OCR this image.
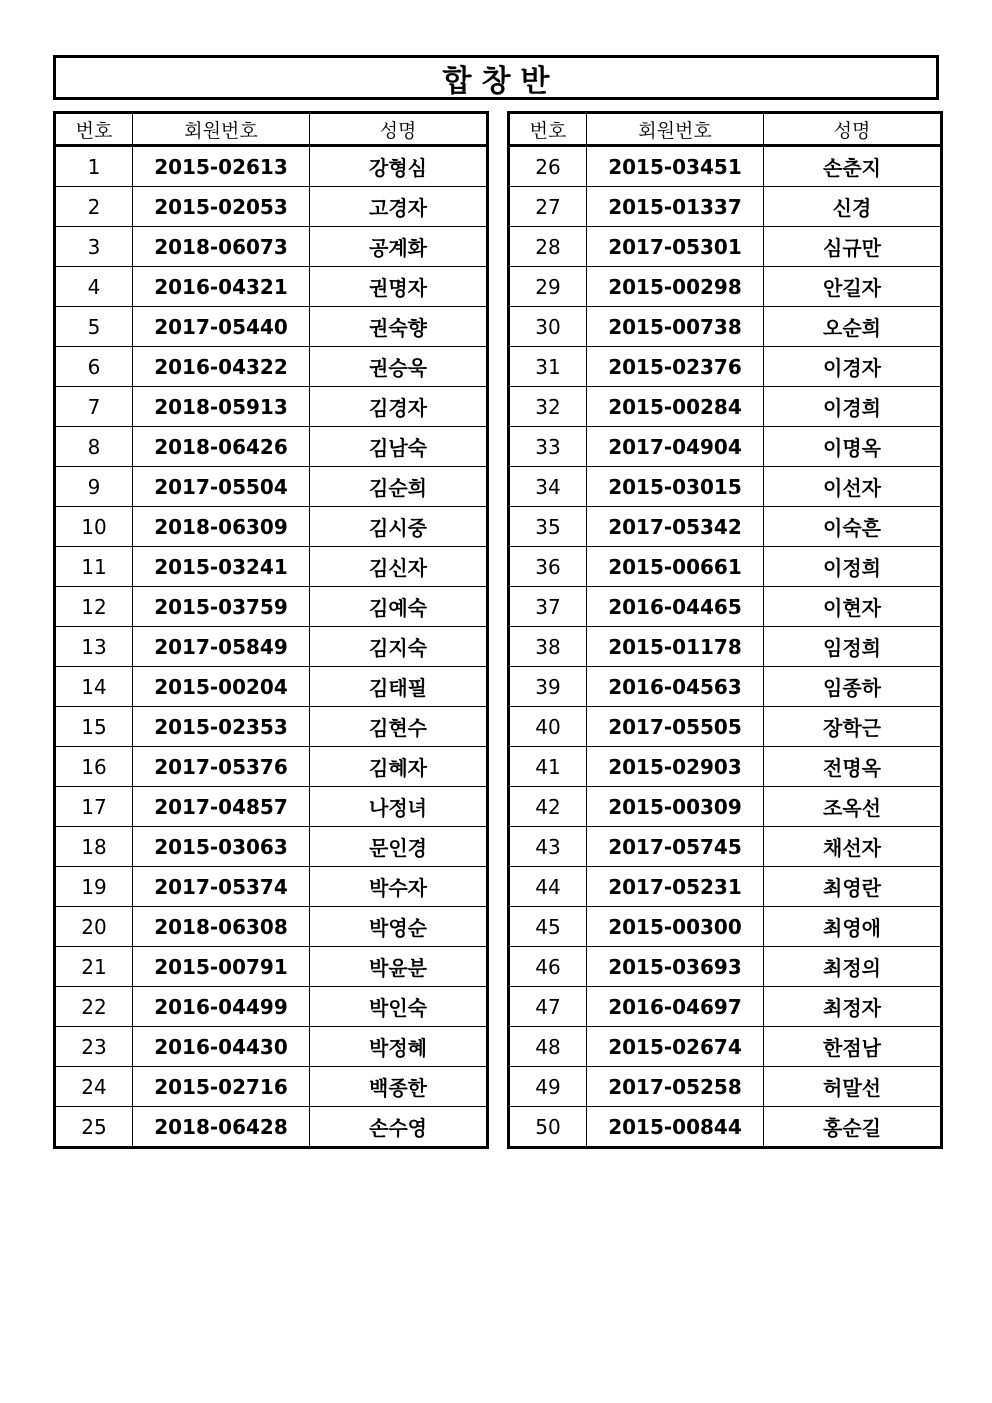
합창반
번호	회원번호	성명
1	2015-02613	강형심
2	2015-02053	고경자
3	2018-06073	공계화
4	2016-04321	권명자
5	2017-05440	권숙향
6	2016-04322	권승욱
7	2018-05913	김경자
8	2018-06426	김남숙
9	2017-05504	김순희
10	2018-06309	김시중
11	2015-03241	김신자
12	2015-03759	김예숙
13	2017-05849	김지숙
14	2015-00204	김태필
15	2015-02353	김현수
16	2017-05376	김혜자
17	2017-04857	나정녀
18	2015-03063	문인경
19	2017-05374	박수자
20	2018-06308	박영순
21	2015-00791	박윤분
22	2016-04499	박인숙
23	2016-04430	박정혜
24	2015-02716	백종한
25	2018-06428	손수영
번호	회원번호	성명
26	2015-03451	손춘지
27	2015-01337	신경
28	2017-05301	심규만
29	2015-00298	안길자
30	2015-00738	오순희
31	2015-02376	이경자
32	2015-00284	이경희
33	2017-04904	이명옥
34	2015-03015	이선자
35	2017-05342	이숙흔
36	2015-00661	이정희
37	2016-04465	이현자
38	2015-01178	임정희
39	2016-04563	임종하
40	2017-05505	장학근
41	2015-02903	전명옥
42	2015-00309	조옥선
43	2017-05745	채선자
44	2017-05231	최영란
45	2015-00300	최영애
46	2015-03693	최정의
47	2016-04697	최정자
48	2015-02674	한점남
49	2017-05258	허말선
50	2015-00844	홍순길
